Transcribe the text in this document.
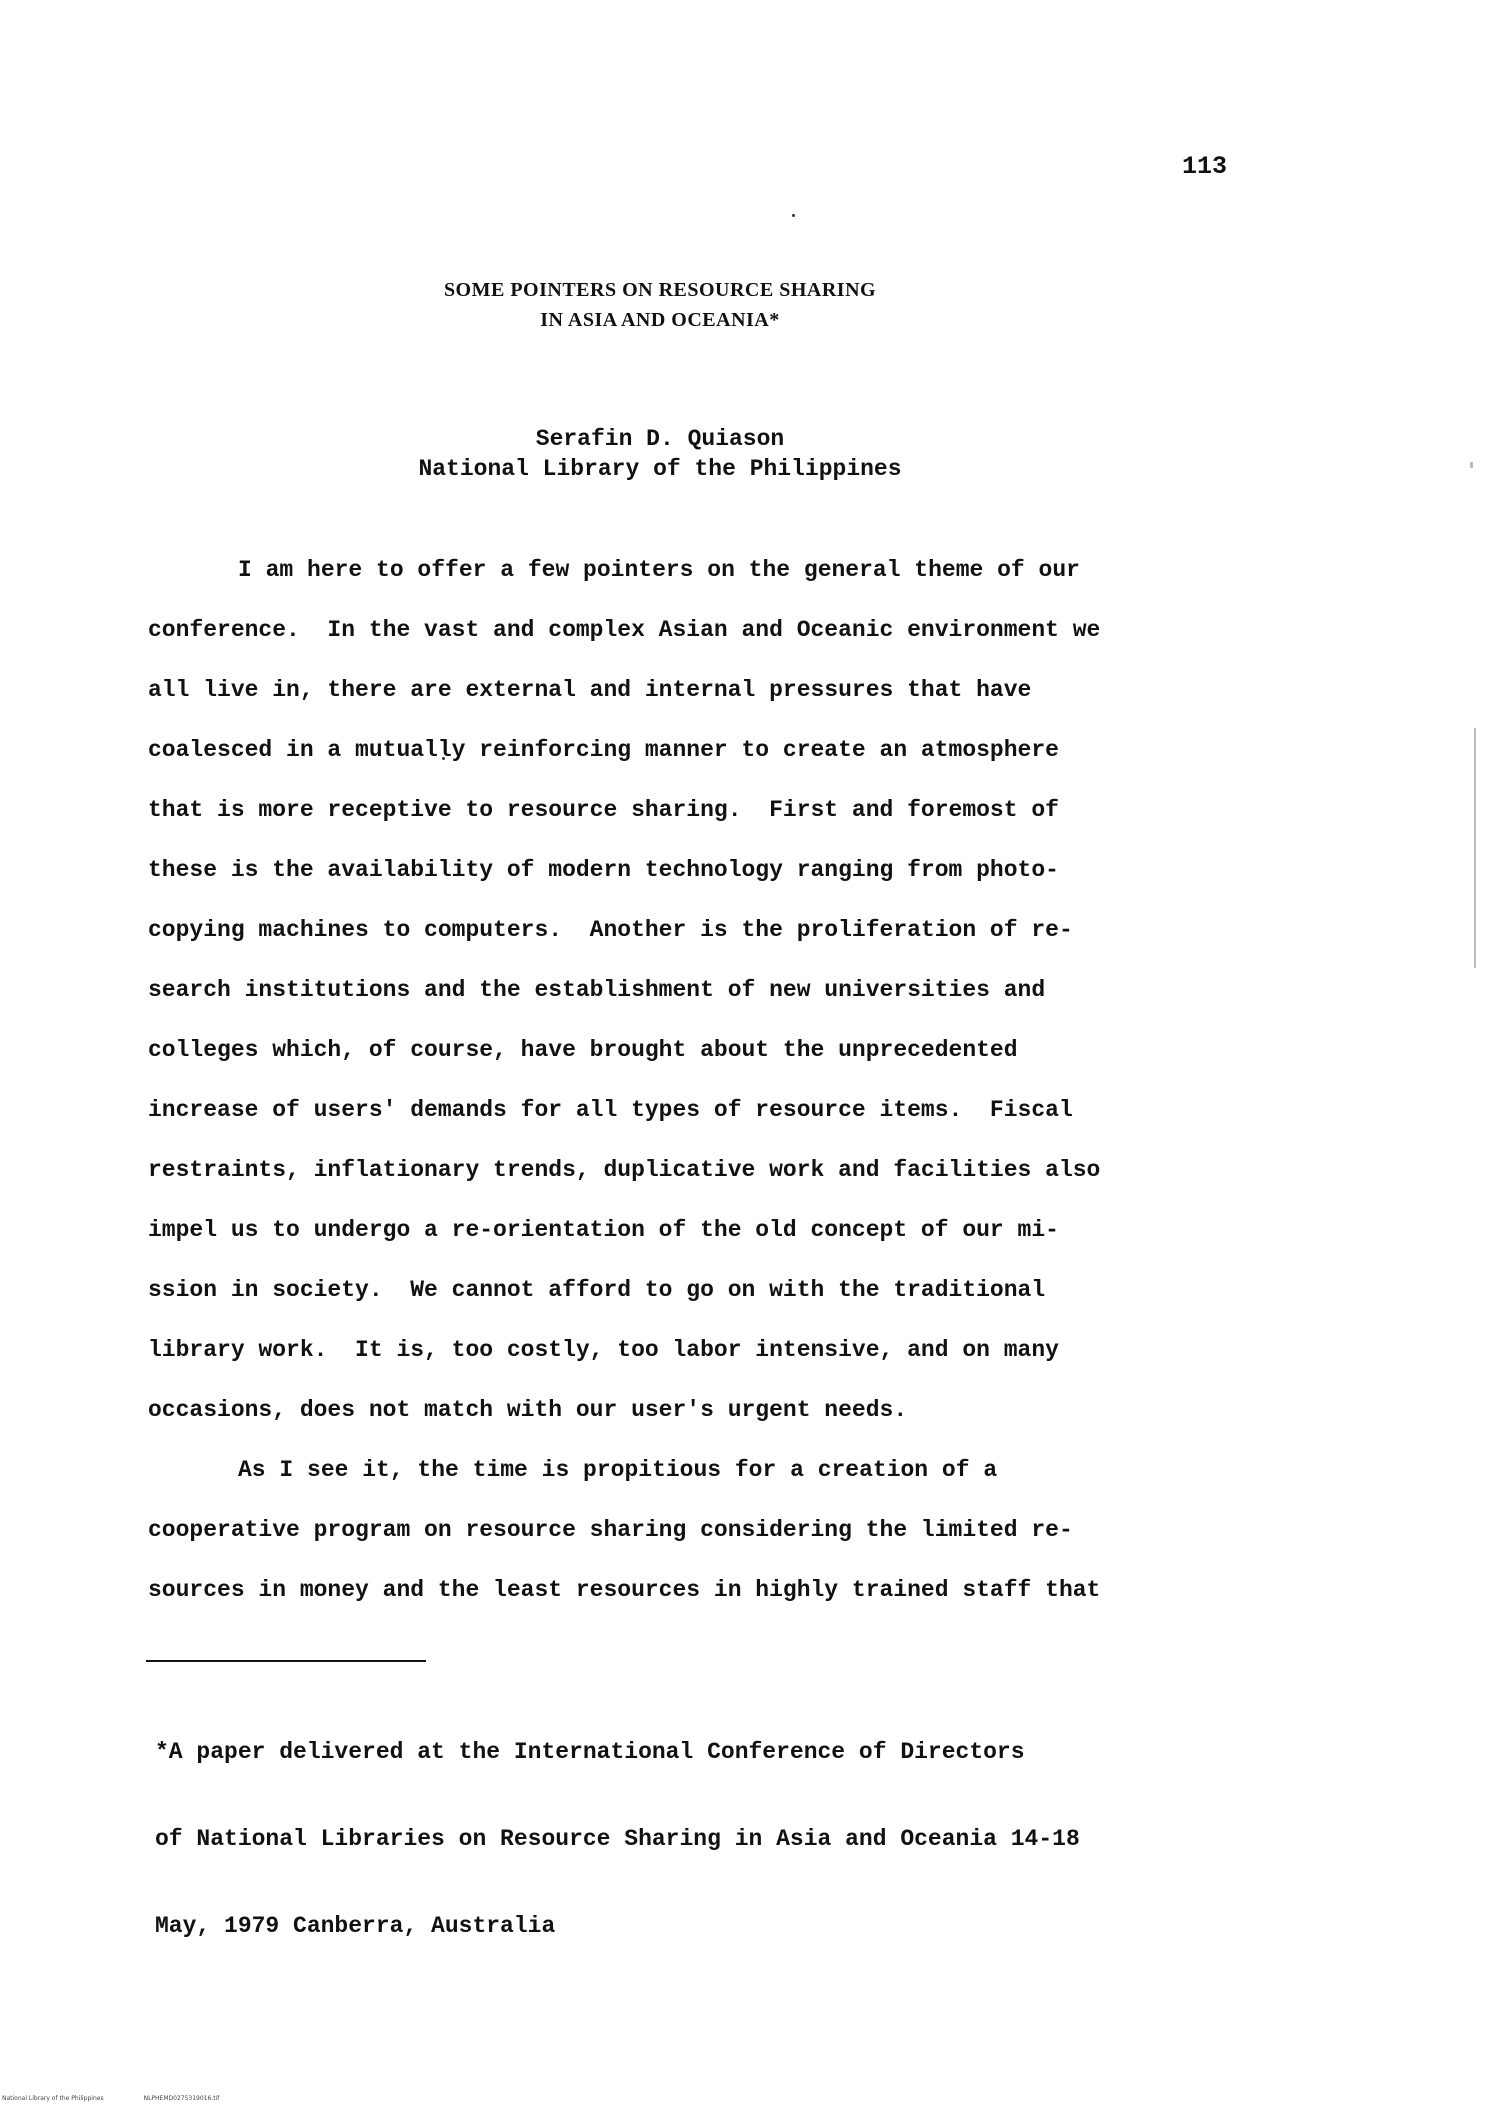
113
SOME POINTERS ON RESOURCE SHARING
IN ASIA AND OCEANIA*
Serafin D. Quiason
National Library of the Philippines
I am here to offer a few pointers on the general theme of our
conference.  In the vast and complex Asian and Oceanic environment we
all live in, there are external and internal pressures that have
coalesced in a mutually reinforcing manner to create an atmosphere
that is more receptive to resource sharing.  First and foremost of
these is the availability of modern technology ranging from photo-
copying machines to computers.  Another is the proliferation of re-
search institutions and the establishment of new universities and
colleges which, of course, have brought about the unprecedented
increase of users' demands for all types of resource items.  Fiscal
restraints, inflationary trends, duplicative work and facilities also
impel us to undergo a re-orientation of the old concept of our mi-
ssion in society.  We cannot afford to go on with the traditional
library work.  It is, too costly, too labor intensive, and on many
occasions, does not match with our user's urgent needs.
As I see it, the time is propitious for a creation of a
cooperative program on resource sharing considering the limited re-
sources in money and the least resources in highly trained staff that

*A paper delivered at the International Conference of Directors

of National Libraries on Resource Sharing in Asia and Oceania 14-18

May, 1979 Canberra, Australia

National Library of the Philippines	NLPHEMD0275319016.tif
